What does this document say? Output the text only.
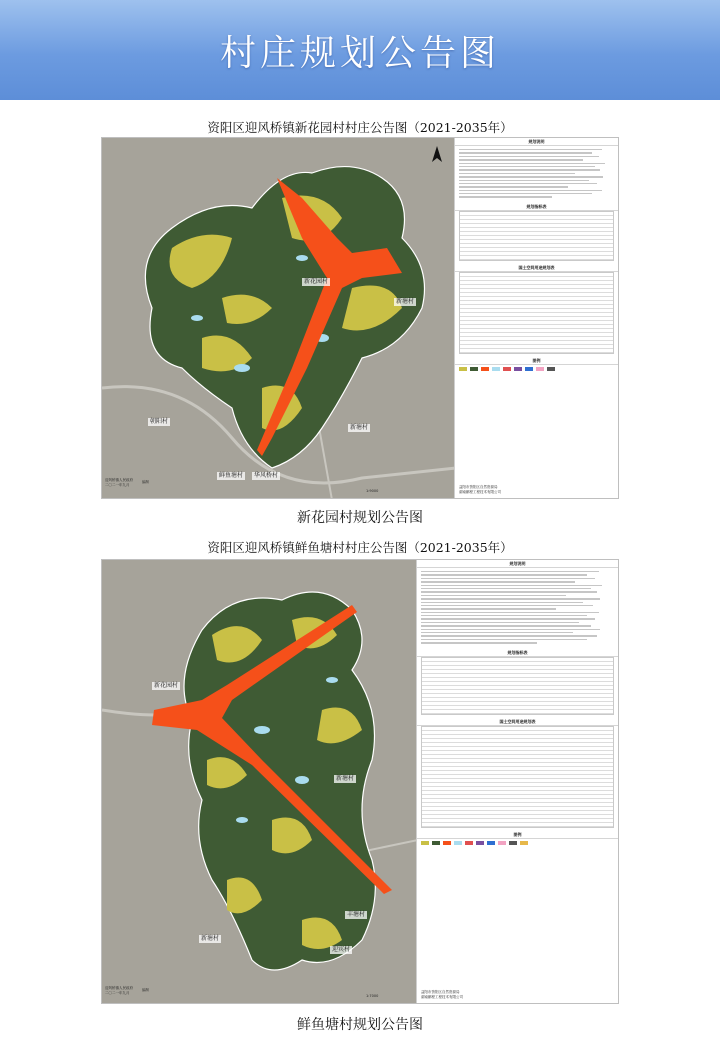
村庄规划公告图
资阳区迎风桥镇新花园村村庄公告图（2021-2035年）
新花园村
新塘村
新塘村
华风桥村
朝阳村
鲜鱼塘村
迎风桥镇人民政府
二〇二一年九月
编制
1:9000
规划说明
规划指标表
国土空间用途规划表
图例
益阳市资阳区自然资源局
湖南鹏程工程技术有限公司
新花园村规划公告图
资阳区迎风桥镇鲜鱼塘村村庄公告图（2021-2035年）
新花园村
新塘村
新塘村
丰塘村
迎宾村
迎风桥镇人民政府
二〇二一年九月
编制
1:7000
规划说明
规划指标表
国土空间用途规划表
图例
益阳市资阳区自然资源局
湖南鹏程工程技术有限公司
鲜鱼塘村规划公告图
